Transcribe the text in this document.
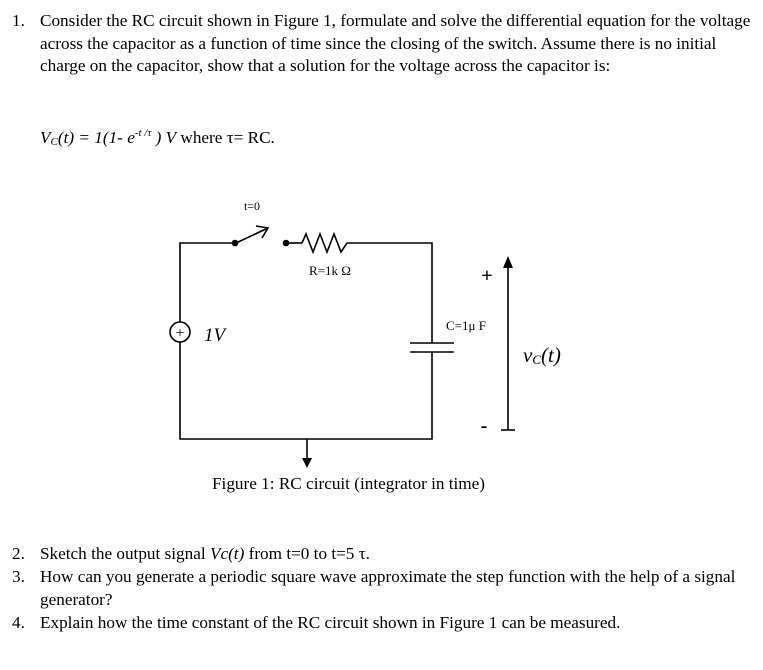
1. Consider the RC circuit shown in Figure 1, formulate and solve the differential equation for the voltage across the capacitor as a function of time since the closing of the switch. Assume there is no initial charge on the capacitor, show that a solution for the voltage across the capacitor is:
$V_C(t) = 1(1-$ $e^{-t /\tau}$ ) V where τ= RC.
+
t=0
R=1k Ω
C=1μ F
1V
+
-
vC(t)
Figure 1: RC circuit (integrator in time)
2. Sketch the output signal Vc(t) from t=0 to t=5 τ.
3. How can you generate a periodic square wave approximate the step function with the help of a signal generator?
4. Explain how the time constant of the RC circuit shown in Figure 1 can be measured.
